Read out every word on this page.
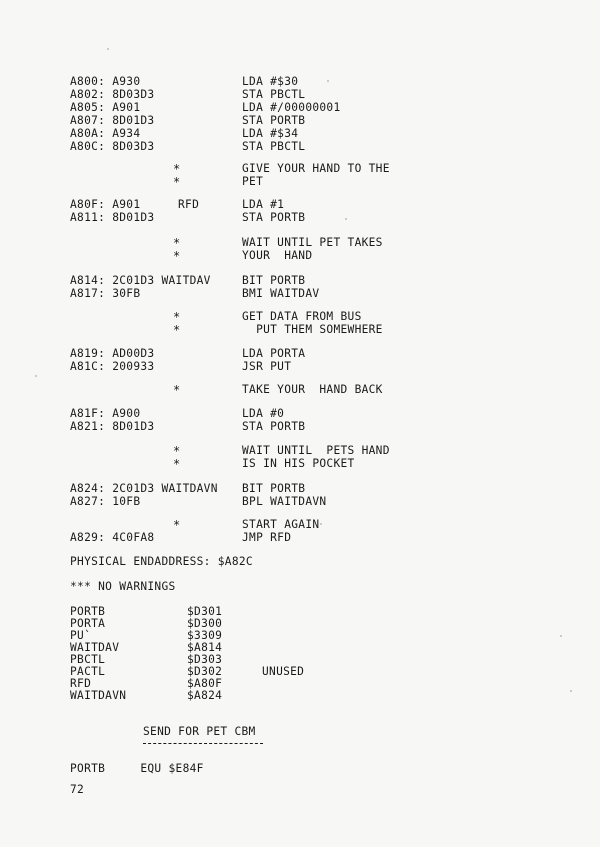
A800: A930	LDA #$30
A802: 8D03D3	STA PBCTL
A805: A901	LDA #/00000001
A807: 8D01D3	STA PORTB
A80A: A934	LDA #$34
A80C: 8D03D3	STA PBCTL
*	GIVE YOUR HAND TO THE
*	PET
A80F: A901	RFD	LDA #1
A811: 8D01D3	STA PORTB
*	WAIT UNTIL PET TAKES
*	YOUR  HAND
A814: 2C01D3 WAITDAV	BIT PORTB
A817: 30FB	BMI WAITDAV
*	GET DATA FROM BUS
*	PUT THEM SOMEWHERE
A819: AD00D3	LDA PORTA
A81C: 200933	JSR PUT
*	TAKE YOUR  HAND BACK
A81F: A900	LDA #0
A821: 8D01D3	STA PORTB
*	WAIT UNTIL  PETS HAND
*	IS IN HIS POCKET
A824: 2C01D3 WAITDAVN BIT PORTB
A827: 10FB	BPL WAITDAVN
*	START AGAIN
A829: 4C0FA8	JMP RFD
PHYSICAL ENDADDRESS: $A82C
*** NO WARNINGS
PORTB	$D301
PORTA	$D300
PU`	$3309
WAITDAV	$A814
PBCTL	$D303
PACTL	$D302	UNUSED
RFD	$A80F
WAITDAVN	$A824
SEND FOR PET CBM
PORTB     EQU $E84F
72
